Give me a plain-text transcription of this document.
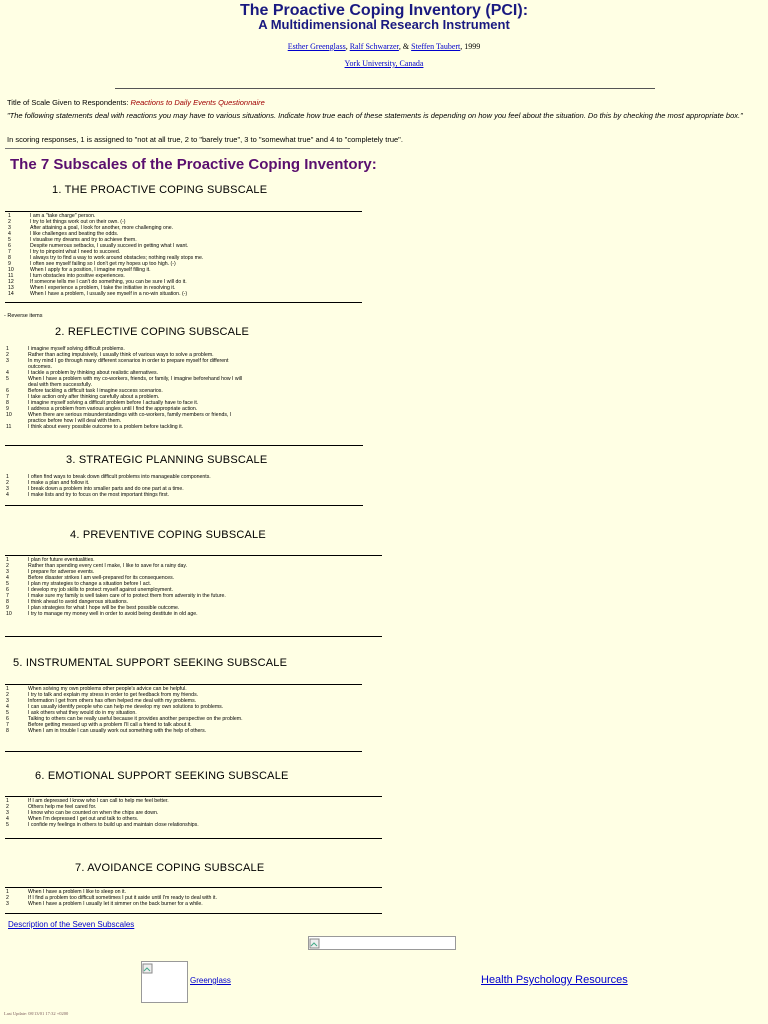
The Proactive Coping Inventory (PCI):
A Multidimensional Research Instrument
Esther Greenglass, Ralf Schwarzer, & Steffen Taubert, 1999
York University, Canada
Title of Scale Given to Respondents: Reactions to Daily Events Questionnaire
"The following statements deal with reactions you may have to various situations. Indicate how true each of these statements is depending on how you feel about the situation. Do this by checking the most appropriate box."
In scoring responses, 1 is assigned to "not at all true, 2 to "barely true", 3 to "somewhat true" and 4 to "completely true".
The 7 Subscales of the Proactive Coping Inventory:
1. THE PROACTIVE COPING SUBSCALE
1	I am a "take charge" person.
2	I try to let things work out on their own. (-)
3	After attaining a goal, I look for another, more challenging one.
4	I like challenges and beating the odds.
5	I visualise my dreams and try to achieve them.
6	Despite numerous setbacks, I usually succeed in getting what I want.
7	I try to pinpoint what I need to succeed.
8	I always try to find a way to work around obstacles; nothing really stops me.
9	I often see myself failing so I don't get my hopes up too high. (-)
10	When I apply for a position, I imagine myself filling it.
11	I turn obstacles into positive experiences.
12	If someone tells me I can't do something, you can be sure I will do it.
13	When I experience a problem, I take the initiative in resolving it.
14	When I have a problem, I usually see myself in a no-win situation. (-)
- Reverse items
2. REFLECTIVE COPING SUBSCALE
1	I imagine myself solving difficult problems.
2	Rather than acting impulsively, I usually think of various ways to solve a problem.
3	In my mind I go through many different scenarios in order to prepare myself for different
outcomes.
4	I tackle a problem by thinking about realistic alternatives.
5	When I have a problem with my co-workers, friends, or family, I imagine beforehand how I will
deal with them successfully.
6	Before tackling a difficult task I imagine success scenarios.
7	I take action only after thinking carefully about a problem.
8	I imagine myself solving a difficult problem before I actually have to face it.
9	I address a problem from various angles until I find the appropriate action.
10	When there are serious misunderstandings with co-workers, family members or friends, I
practice before how I will deal with them.
11	I think about every possible outcome to a problem before tackling it.
3. STRATEGIC PLANNING SUBSCALE
1	I often find ways to break down difficult problems into manageable components.
2	I make a plan and follow it.
3	I break down a problem into smaller parts and do one part at a time.
4	I make lists and try to focus on the most important things first.
4. PREVENTIVE COPING SUBSCALE
1	I plan for future eventualities.
2	Rather than spending every cent I make, I like to save for a rainy day.
3	I prepare for adverse events.
4	Before disaster strikes I am well-prepared for its consequences.
5	I plan my strategies to change a situation before I act.
6	I develop my job skills to protect myself against unemployment.
7	I make sure my family is well taken care of to protect them from adversity in the future.
8	I think ahead to avoid dangerous situations.
9	I plan strategies for what I hope will be the best possible outcome.
10	I try to manage my money well in order to avoid being destitute in old age.
5. INSTRUMENTAL SUPPORT SEEKING SUBSCALE
1	When solving my own problems other people's advice can be helpful.
2	I try to talk and explain my stress in order to get feedback from my friends.
3	Information I get from others has often helped me deal with my problems.
4	I can usually identify people who can help me develop my own solutions to problems.
5	I ask others what they would do in my situation.
6	Talking to others can be really useful because it provides another perspective on the problem.
7	Before getting messed up with a problem I'll call a friend to talk about it.
8	When I am in trouble I can usually work out something with the help of others.
6. EMOTIONAL SUPPORT SEEKING SUBSCALE
1	If I am depressed I know who I can call to help me feel better.
2	Others help me feel cared for.
3	I know who can be counted on when the chips are down.
4	When I'm depressed I get out and talk to others.
5	I confide my feelings in others to build up and maintain close relationships.
7. AVOIDANCE COPING SUBSCALE
1	When I have a problem I like to sleep on it.
2	If I find a problem too difficult sometimes I put it aside until I'm ready to deal with it.
3	When I have a problem I usually let it simmer on the back burner for a while.
Description of the Seven Subscales
Greenglass	Health Psychology Resources
Last Update: 08/13/01 17:32 +0200
